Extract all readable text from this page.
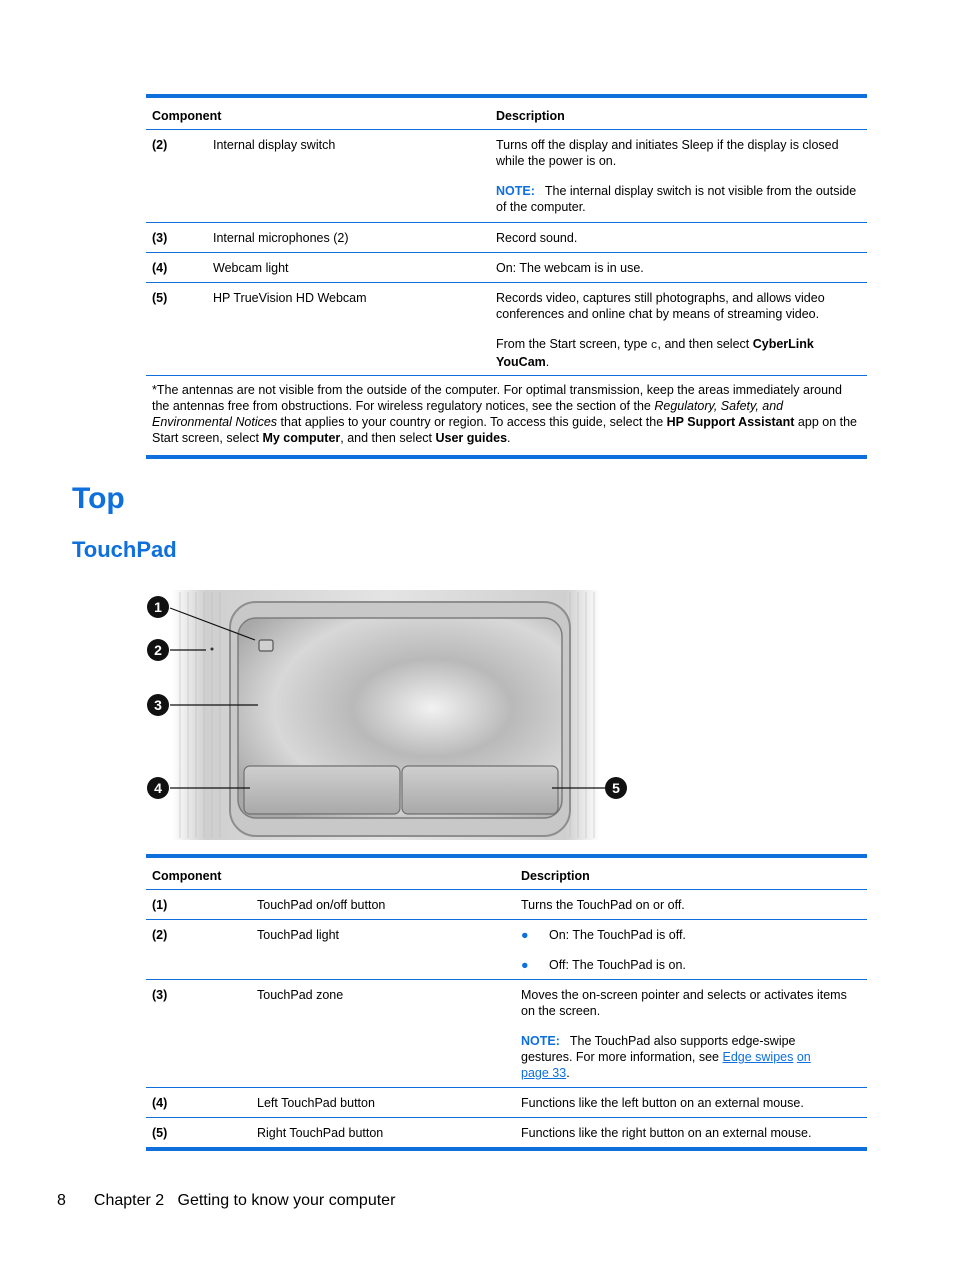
Component	Description
(2)	Internal display switch	Turns off the display and initiates Sleep if the display is closed while the power is on.

NOTE: The internal display switch is not visible from the outside of the computer.

(3)	Internal microphones (2)	Record sound.
(4)	Webcam light	On: The webcam is in use.
(5)	HP TrueVision HD Webcam	Records video, captures still photographs, and allows video conferences and online chat by means of streaming video.

From the Start screen, type c, and then select CyberLink YouCam.

*The antennas are not visible from the outside of the computer. For optimal transmission, keep the areas immediately around the antennas free from obstructions. For wireless regulatory notices, see the section of the Regulatory, Safety, and Environmental Notices that applies to your country or region. To access this guide, select the HP Support Assistant app on the Start screen, select My computer, and then select User guides.

Top
TouchPad
1
2
3
4	5
Component	Description
(1)	TouchPad on/off button	Turns the TouchPad on or off.
(2)	TouchPad light	● On: The TouchPad is off.

● Off: The TouchPad is on.

(3)	TouchPad zone	Moves the on-screen pointer and selects or activates items on the screen.

NOTE: The TouchPad also supports edge-swipe gestures. For more information, see Edge swipes on page 33.

(4)	Left TouchPad button	Functions like the left button on an external mouse.
(5)	Right TouchPad button	Functions like the right button on an external mouse.
8 Chapter 2   Getting to know your computer
